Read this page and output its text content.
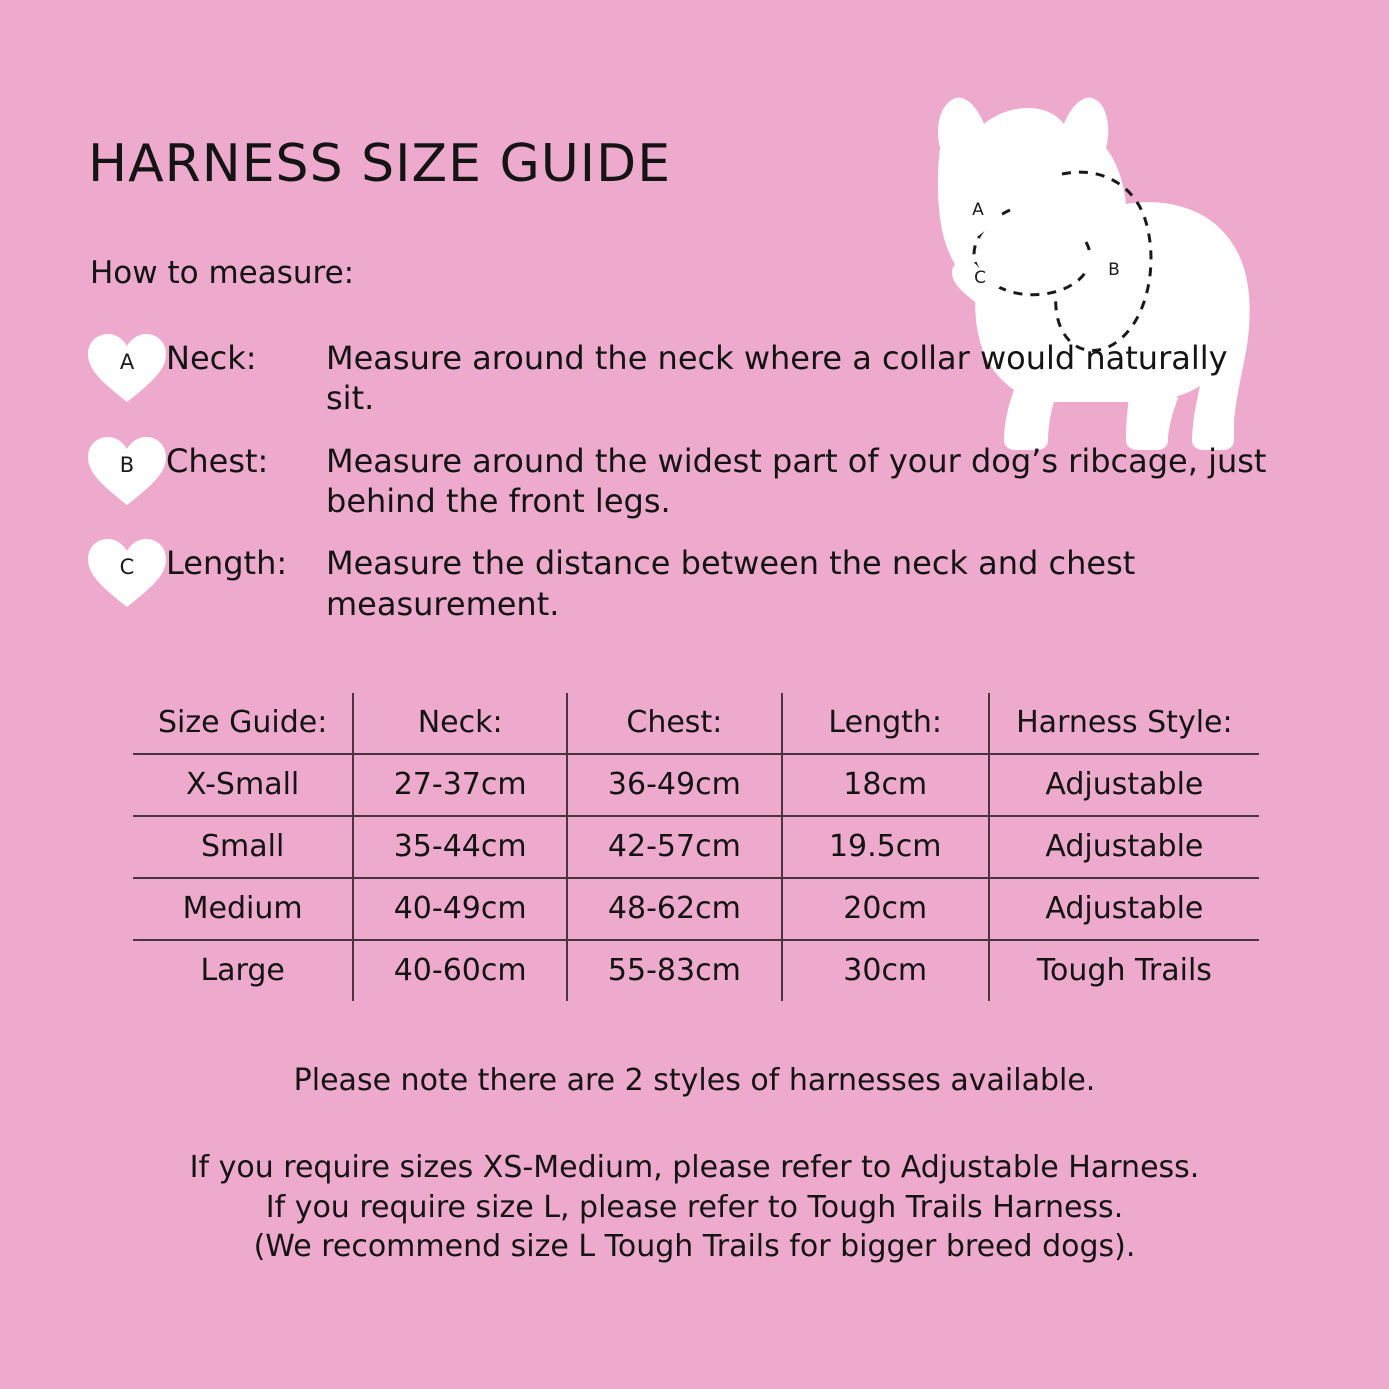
HARNESS SIZE GUIDE
How to measure:
A
C	B
A Neck:	Measure around the neck where a collar would naturally sit.
B Chest:	Measure around the widest part of your dog’s ribcage, just behind the front legs.
C Length:	Measure the distance between the neck and chest measurement.
Size Guide:	Neck:	Chest:	Length:	Harness Style:
X-Small	27-37cm	36-49cm	18cm	Adjustable
Small	35-44cm	42-57cm	19.5cm	Adjustable
Medium	40-49cm	48-62cm	20cm	Adjustable
Large	40-60cm	55-83cm	30cm	Tough Trails
Please note there are 2 styles of harnesses available.
If you require sizes XS-Medium, please refer to Adjustable Harness.
If you require size L, please refer to Tough Trails Harness.
(We recommend size L Tough Trails for bigger breed dogs).
